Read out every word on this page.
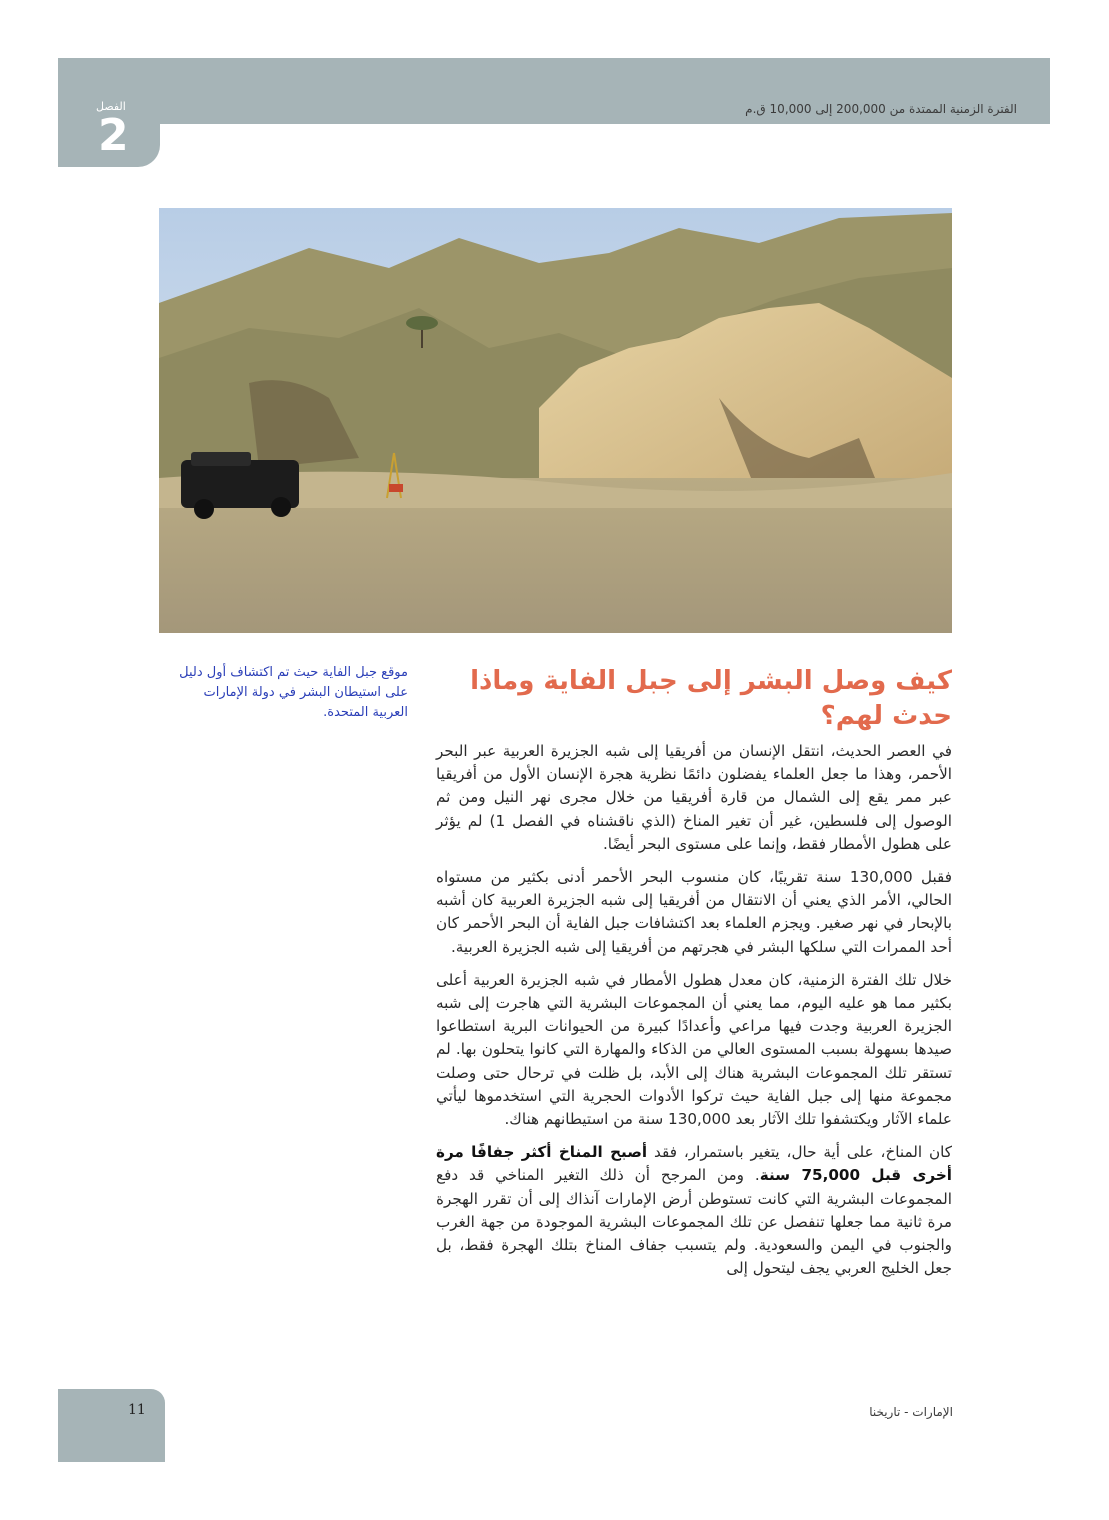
الفصل
2
الفترة الزمنية الممتدة من 200,000 إلى 10,000 ق.م
موقع جبل الفاية حيث تم اكتشاف أول دليل على استيطان البشر في دولة الإمارات العربية المتحدة.
كيف وصل البشر إلى جبل الفاية وماذا حدث لهم؟

في العصر الحديث، انتقل الإنسان من أفريقيا إلى شبه الجزيرة العربية عبر البحر الأحمر، وهذا ما جعل العلماء يفضلون دائمًا نظرية هجرة الإنسان الأول من أفريقيا عبر ممر يقع إلى الشمال من قارة أفريقيا من خلال مجرى نهر النيل ومن ثم الوصول إلى فلسطين، غير أن تغير المناخ (الذي ناقشناه في الفصل 1) لم يؤثر على هطول الأمطار فقط، وإنما على مستوى البحر أيضًا.

فقبل 130,000 سنة تقريبًا، كان منسوب البحر الأحمر أدنى بكثير من مستواه الحالي، الأمر الذي يعني أن الانتقال من أفريقيا إلى شبه الجزيرة العربية كان أشبه بالإبحار في نهر صغير. ويجزم العلماء بعد اكتشافات جبل الفاية أن البحر الأحمر كان أحد الممرات التي سلكها البشر في هجرتهم من أفريقيا إلى شبه الجزيرة العربية.

خلال تلك الفترة الزمنية، كان معدل هطول الأمطار في شبه الجزيرة العربية أعلى بكثير مما هو عليه اليوم، مما يعني أن المجموعات البشرية التي هاجرت إلى شبه الجزيرة العربية وجدت فيها مراعي وأعدادًا كبيرة من الحيوانات البرية استطاعوا صيدها بسهولة بسبب المستوى العالي من الذكاء والمهارة التي كانوا يتحلون بها. لم تستقر تلك المجموعات البشرية هناك إلى الأبد، بل ظلت في ترحال حتى وصلت مجموعة منها إلى جبل الفاية حيث تركوا الأدوات الحجرية التي استخدموها ليأتي علماء الآثار ويكتشفوا تلك الآثار بعد 130,000 سنة من استيطانهم هناك.

كان المناخ، على أية حال، يتغير باستمرار، فقد أصبح المناخ أكثر جفافًا مرة أخرى قبل 75,000 سنة. ومن المرجح أن ذلك التغير المناخي قد دفع المجموعات البشرية التي كانت تستوطن أرض الإمارات آنذاك إلى أن تقرر الهجرة مرة ثانية مما جعلها تنفصل عن تلك المجموعات البشرية الموجودة من جهة الغرب والجنوب في اليمن والسعودية. ولم يتسبب جفاف المناخ بتلك الهجرة فقط، بل جعل الخليج العربي يجف ليتحول إلى

11	الإمارات - تاريخنا
